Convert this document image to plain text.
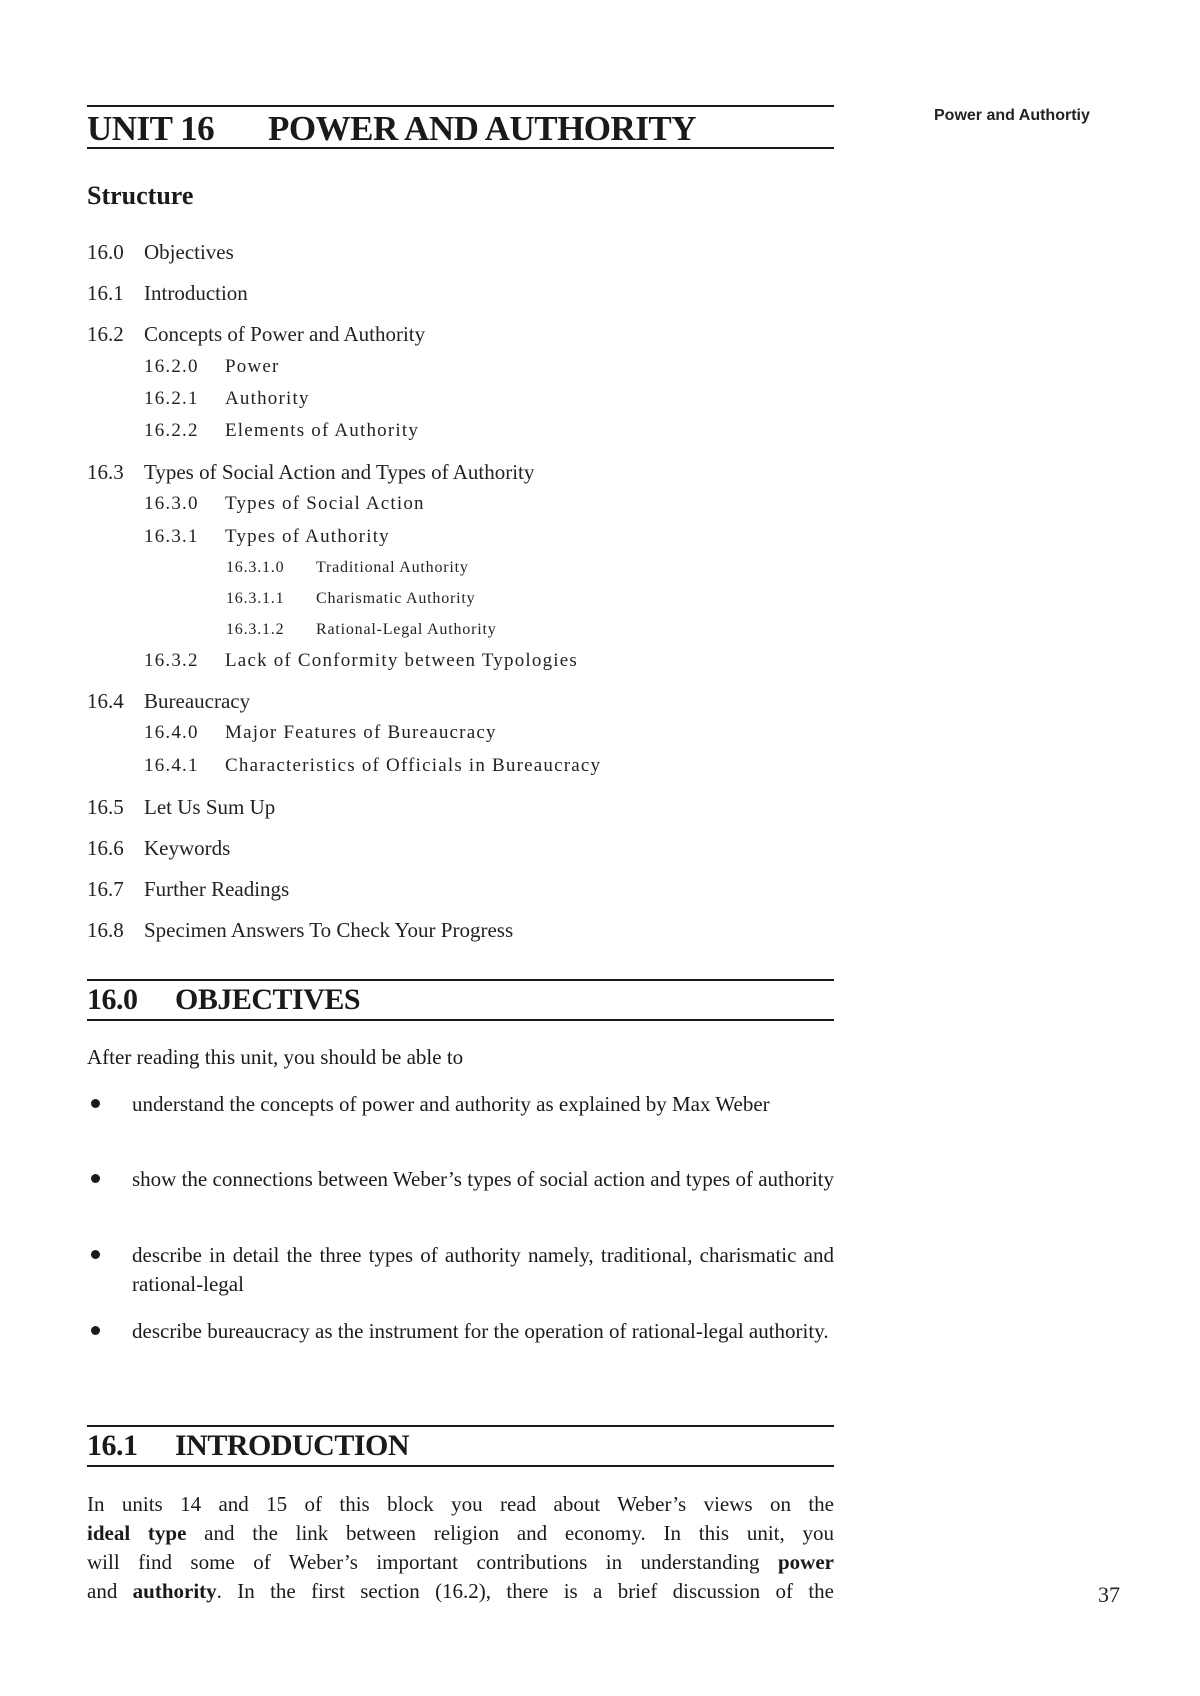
Power and Authortiy
UNIT 16 POWER AND AUTHORITY
Structure
16.0 Objectives
16.1 Introduction
16.2 Concepts of Power and Authority
16.2.0 Power
16.2.1 Authority
16.2.2 Elements of Authority
16.3 Types of Social Action and Types of Authority
16.3.0 Types of Social Action
16.3.1 Types of Authority
16.3.1.0 Traditional Authority
16.3.1.1 Charismatic Authority
16.3.1.2 Rational-Legal Authority
16.3.2 Lack of Conformity between Typologies
16.4 Bureaucracy
16.4.0 Major Features of Bureaucracy
16.4.1 Characteristics of Officials in Bureaucracy
16.5 Let Us Sum Up
16.6 Keywords
16.7 Further Readings
16.8 Specimen Answers To Check Your Progress
16.0 OBJECTIVES
After reading this unit, you should be able to
understand the concepts of power and authority as explained by Max Weber
show the connections between Weber’s types of social action and types of authority
describe in detail the three types of authority namely, traditional, charismatic and rational-legal
describe bureaucracy as the instrument for the operation of rational-legal authority.
16.1 INTRODUCTION
In units 14 and 15 of this block you read about Weber’s views on the
ideal type and the link between religion and economy. In this unit, you
will find some of Weber’s important contributions in understanding power
and authority. In the first section (16.2), there is a brief discussion of the	37
